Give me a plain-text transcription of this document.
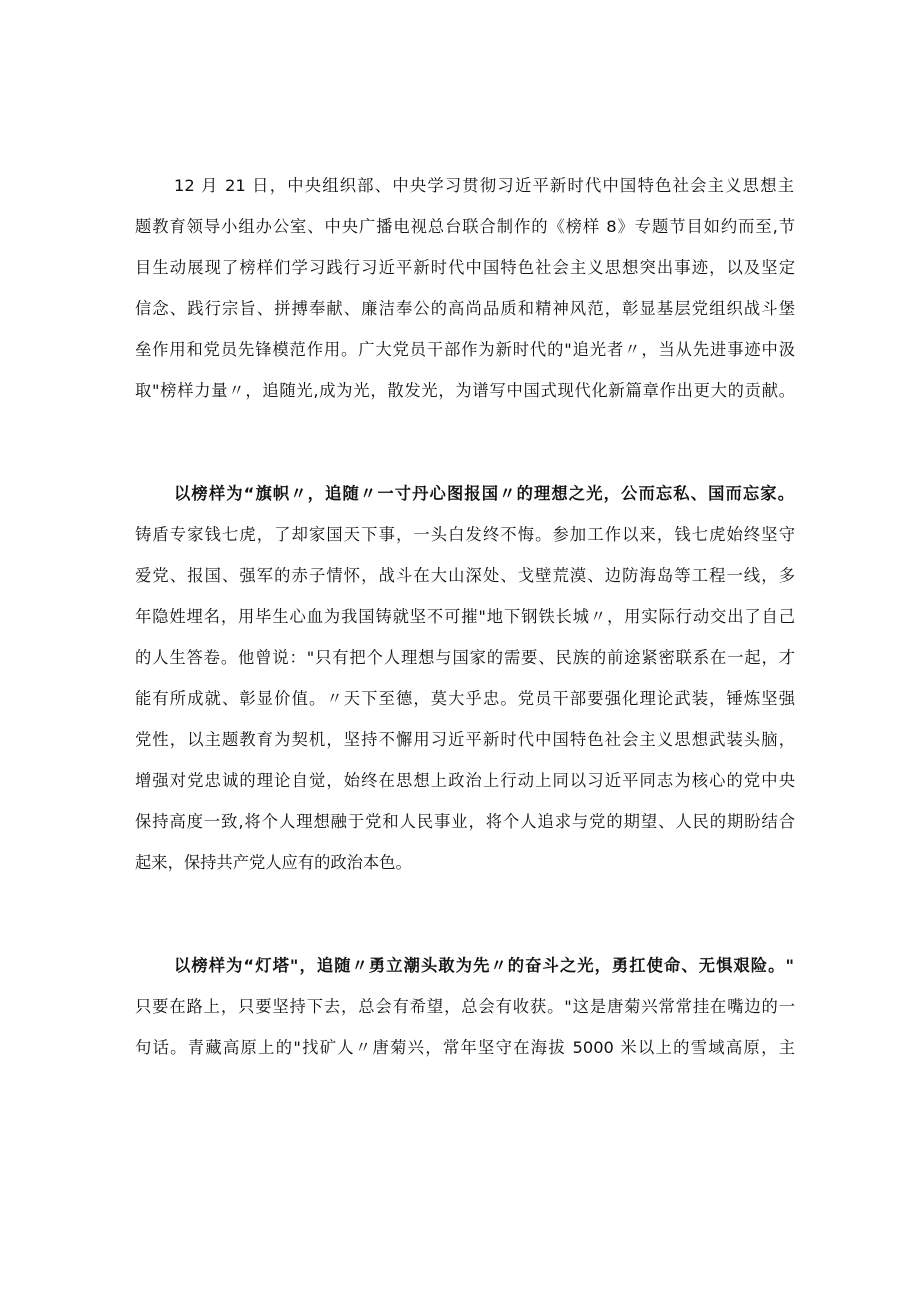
12 月 21 日，中央组织部、中央学习贯彻习近平新时代中国特色社会主义思想主
题教育领导小组办公室、中央广播电视总台联合制作的《榜样 8》专题节目如约而至,节
目生动展现了榜样们学习践行习近平新时代中国特色社会主义思想突出事迹，以及坚定
信念、践行宗旨、拼搏奉献、廉洁奉公的高尚品质和精神风范，彰显基层党组织战斗堡
垒作用和党员先锋模范作用。广大党员干部作为新时代的"追光者〃，当从先进事迹中汲
取"榜样力量〃，追随光,成为光，散发光，为谱写中国式现代化新篇章作出更大的贡献。
以榜样为“旗帜〃，追随〃一寸丹心图报国〃的理想之光，公而忘私、国而忘家。
铸盾专家钱七虎，了却家国天下事，一头白发终不悔。参加工作以来，钱七虎始终坚守
爱党、报国、强军的赤子情怀，战斗在大山深处、戈壁荒漠、边防海岛等工程一线，多
年隐姓埋名，用毕生心血为我国铸就坚不可摧"地下钢铁长城〃，用实际行动交出了自己
的人生答卷。他曾说："只有把个人理想与国家的需要、民族的前途紧密联系在一起，才
能有所成就、彰显价值。〃天下至德，莫大乎忠。党员干部要强化理论武装，锤炼坚强
党性，以主题教育为契机，坚持不懈用习近平新时代中国特色社会主义思想武装头脑，
增强对党忠诚的理论自觉，始终在思想上政治上行动上同以习近平同志为核心的党中央
保持高度一致,将个人理想融于党和人民事业，将个人追求与党的期望、人民的期盼结合
起来，保持共产党人应有的政治本色。
以榜样为“灯塔"，追随〃勇立潮头敢为先〃的奋斗之光，勇扛使命、无惧艰险。"
只要在路上，只要坚持下去，总会有希望，总会有收获。"这是唐菊兴常常挂在嘴边的一
句话。青藏高原上的"找矿人〃唐菊兴，常年坚守在海拔 5000 米以上的雪域高原，主
